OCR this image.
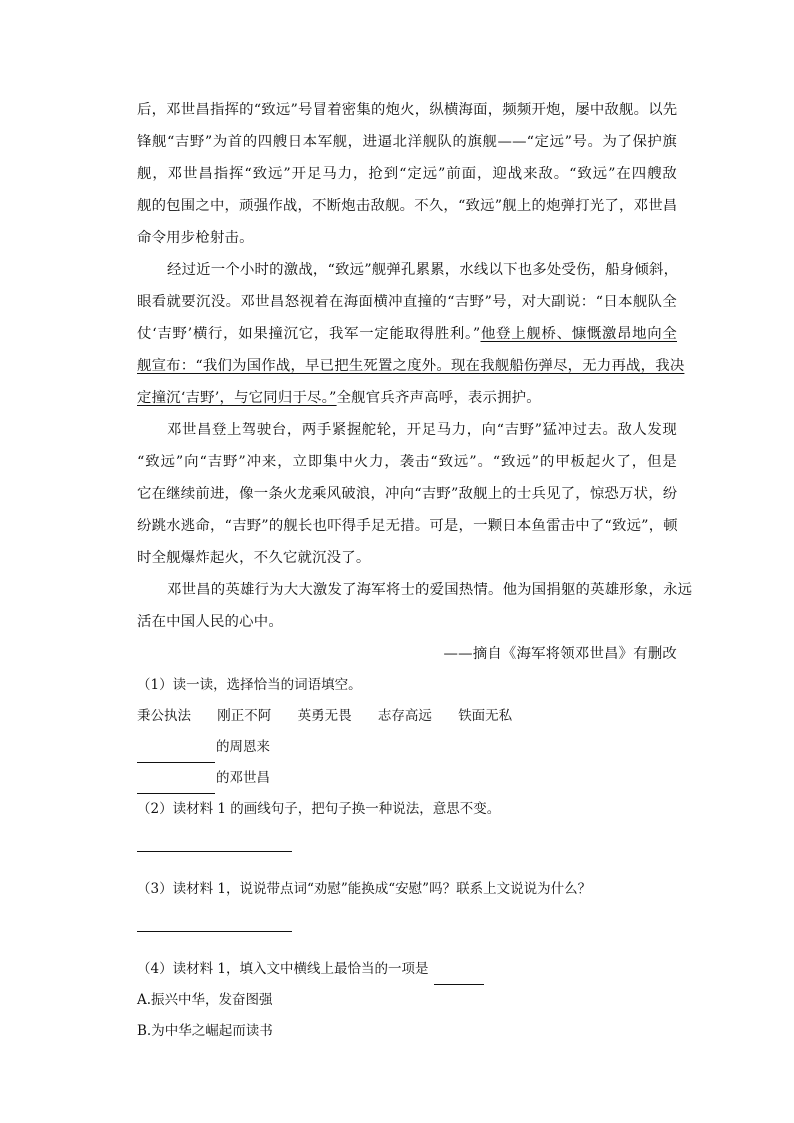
后，邓世昌指挥的“致远”号冒着密集的炮火，纵横海面，频频开炮，屡中敌舰。以先
锋舰“吉野”为首的四艘日本军舰，进逼北洋舰队的旗舰——“定远”号。为了保护旗
舰，邓世昌指挥“致远”开足马力，抢到“定远”前面，迎战来敌。“致远”在四艘敌
舰的包围之中，顽强作战，不断炮击敌舰。不久，“致远”舰上的炮弹打光了，邓世昌
命令用步枪射击。
经过近一个小时的激战，“致远”舰弹孔累累，水线以下也多处受伤，船身倾斜，
眼看就要沉没。邓世昌怒视着在海面横冲直撞的“吉野”号，对大副说：“日本舰队全
仗‘吉野’横行，如果撞沉它，我军一定能取得胜利。”他登上舰桥、慷慨激昂地向全
舰宣布：“我们为国作战，早已把生死置之度外。现在我舰船伤弹尽，无力再战，我决
定撞沉‘吉野’，与它同归于尽。”全舰官兵齐声高呼，表示拥护。
邓世昌登上驾驶台，两手紧握舵轮，开足马力，向“吉野”猛冲过去。敌人发现
“致远”向“吉野”冲来，立即集中火力，袭击“致远”。“致远”的甲板起火了，但是
它在继续前进，像一条火龙乘风破浪，冲向“吉野”敌舰上的士兵见了，惊恐万状，纷
纷跳水逃命，“吉野”的舰长也吓得手足无措。可是，一颗日本鱼雷击中了“致远”，顿
时全舰爆炸起火，不久它就沉没了。
邓世昌的英雄行为大大激发了海军将士的爱国热情。他为国捐躯的英雄形象，永远
活在中国人民的心中。
——摘自《海军将领邓世昌》有删改
（1）读一读，选择恰当的词语填空。
秉公执法 刚正不阿 英勇无畏 志存高远 铁面无私
的周恩来
的邓世昌
（2）读材料 1 的画线句子，把句子换一种说法，意思不变。
（3）读材料 1，说说带点词“劝慰”能换成“安慰”吗？联系上文说说为什么？
（4）读材料 1，填入文中横线上最恰当的一项是
A.振兴中华，发奋图强
B.为中华之崛起而读书
